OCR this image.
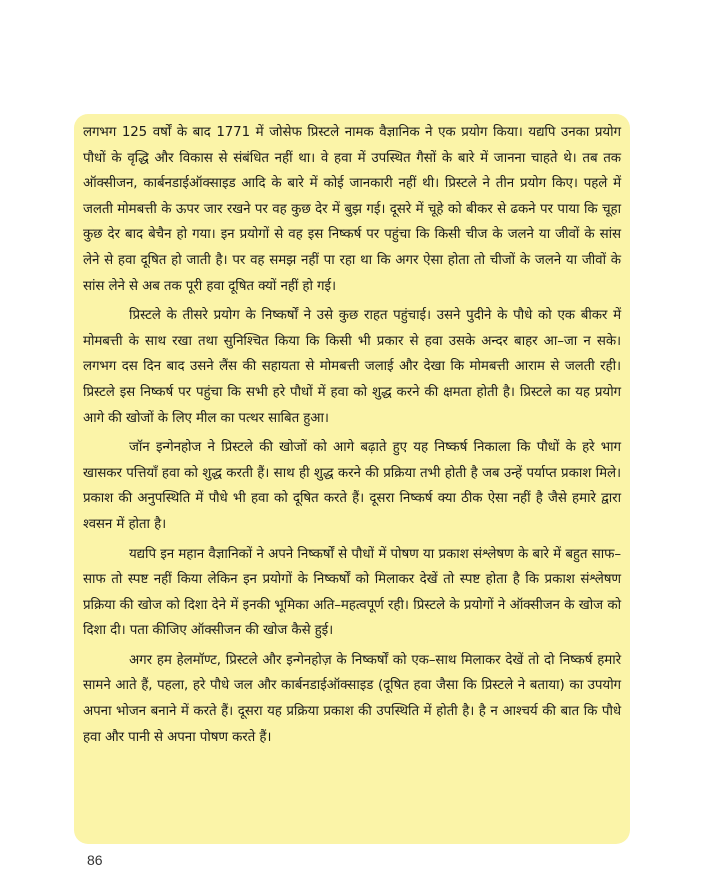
लगभग 125 वर्षों के बाद 1771 में जोसेफ प्रिस्टले नामक वैज्ञानिक ने एक प्रयोग किया। यद्यपि उनका प्रयोग पौधों के वृद्धि और विकास से संबंधित नहीं था। वे हवा में उपस्थित गैसों के बारे में जानना चाहते थे। तब तक ऑक्सीजन, कार्बनडाईऑक्साइड आदि के बारे में कोई जानकारी नहीं थी। प्रिस्टले ने तीन प्रयोग किए। पहले में जलती मोमबत्ती के ऊपर जार रखने पर वह कुछ देर में बुझ गई। दूसरे में चूहे को बीकर से ढकने पर पाया कि चूहा कुछ देर बाद बेचैन हो गया। इन प्रयोगों से वह इस निष्कर्ष पर पहुंचा कि किसी चीज के जलने या जीवों के सांस लेने से हवा दूषित हो जाती है। पर वह समझ नहीं पा रहा था कि अगर ऐसा होता तो चीजों के जलने या जीवों के सांस लेने से अब तक पूरी हवा दूषित क्यों नहीं हो गई।

प्रिस्टले के तीसरे प्रयोग के निष्कर्षों ने उसे कुछ राहत पहुंचाई। उसने पुदीने के पौधे को एक बीकर में मोमबत्ती के साथ रखा तथा सुनिश्चित किया कि किसी भी प्रकार से हवा उसके अन्दर बाहर आ–जा न सके। लगभग दस दिन बाद उसने लैंस की सहायता से मोमबत्ती जलाई और देखा कि मोमबत्ती आराम से जलती रही। प्रिस्टले इस निष्कर्ष पर पहुंचा कि सभी हरे पौधों में हवा को शुद्ध करने की क्षमता होती है। प्रिस्टले का यह प्रयोग आगे की खोजों के लिए मील का पत्थर साबित हुआ।

जॉन इन्गेनहोज ने प्रिस्टले की खोजों को आगे बढ़ाते हुए यह निष्कर्ष निकाला कि पौधों के हरे भाग खासकर पत्तियाँ हवा को शुद्ध करती हैं। साथ ही शुद्ध करने की प्रक्रिया तभी होती है जब उन्हें पर्याप्त प्रकाश मिले। प्रकाश की अनुपस्थिति में पौधे भी हवा को दूषित करते हैं। दूसरा निष्कर्ष क्या ठीक ऐसा नहीं है जैसे हमारे द्वारा श्वसन में होता है।

यद्यपि इन महान वैज्ञानिकों ने अपने निष्कर्षों से पौधों में पोषण या प्रकाश संश्लेषण के बारे में बहुत साफ–साफ तो स्पष्ट नहीं किया लेकिन इन प्रयोगों के निष्कर्षों को मिलाकर देखें तो स्पष्ट होता है कि प्रकाश संश्लेषण प्रक्रिया की खोज को दिशा देने में इनकी भूमिका अति–महत्वपूर्ण रही। प्रिस्टले के प्रयोगों ने ऑक्सीजन के खोज को दिशा दी। पता कीजिए ऑक्सीजन की खोज कैसे हुई।

अगर हम हेलमॉण्ट, प्रिस्टले और इन्गेनहोज़ के निष्कर्षों को एक–साथ मिलाकर देखें तो दो निष्कर्ष हमारे सामने आते हैं, पहला, हरे पौधे जल और कार्बनडाईऑक्साइड (दूषित हवा जैसा कि प्रिस्टले ने बताया) का उपयोग अपना भोजन बनाने में करते हैं। दूसरा यह प्रक्रिया प्रकाश की उपस्थिति में होती है। है न आश्चर्य की बात कि पौधे हवा और पानी से अपना पोषण करते हैं।

86
